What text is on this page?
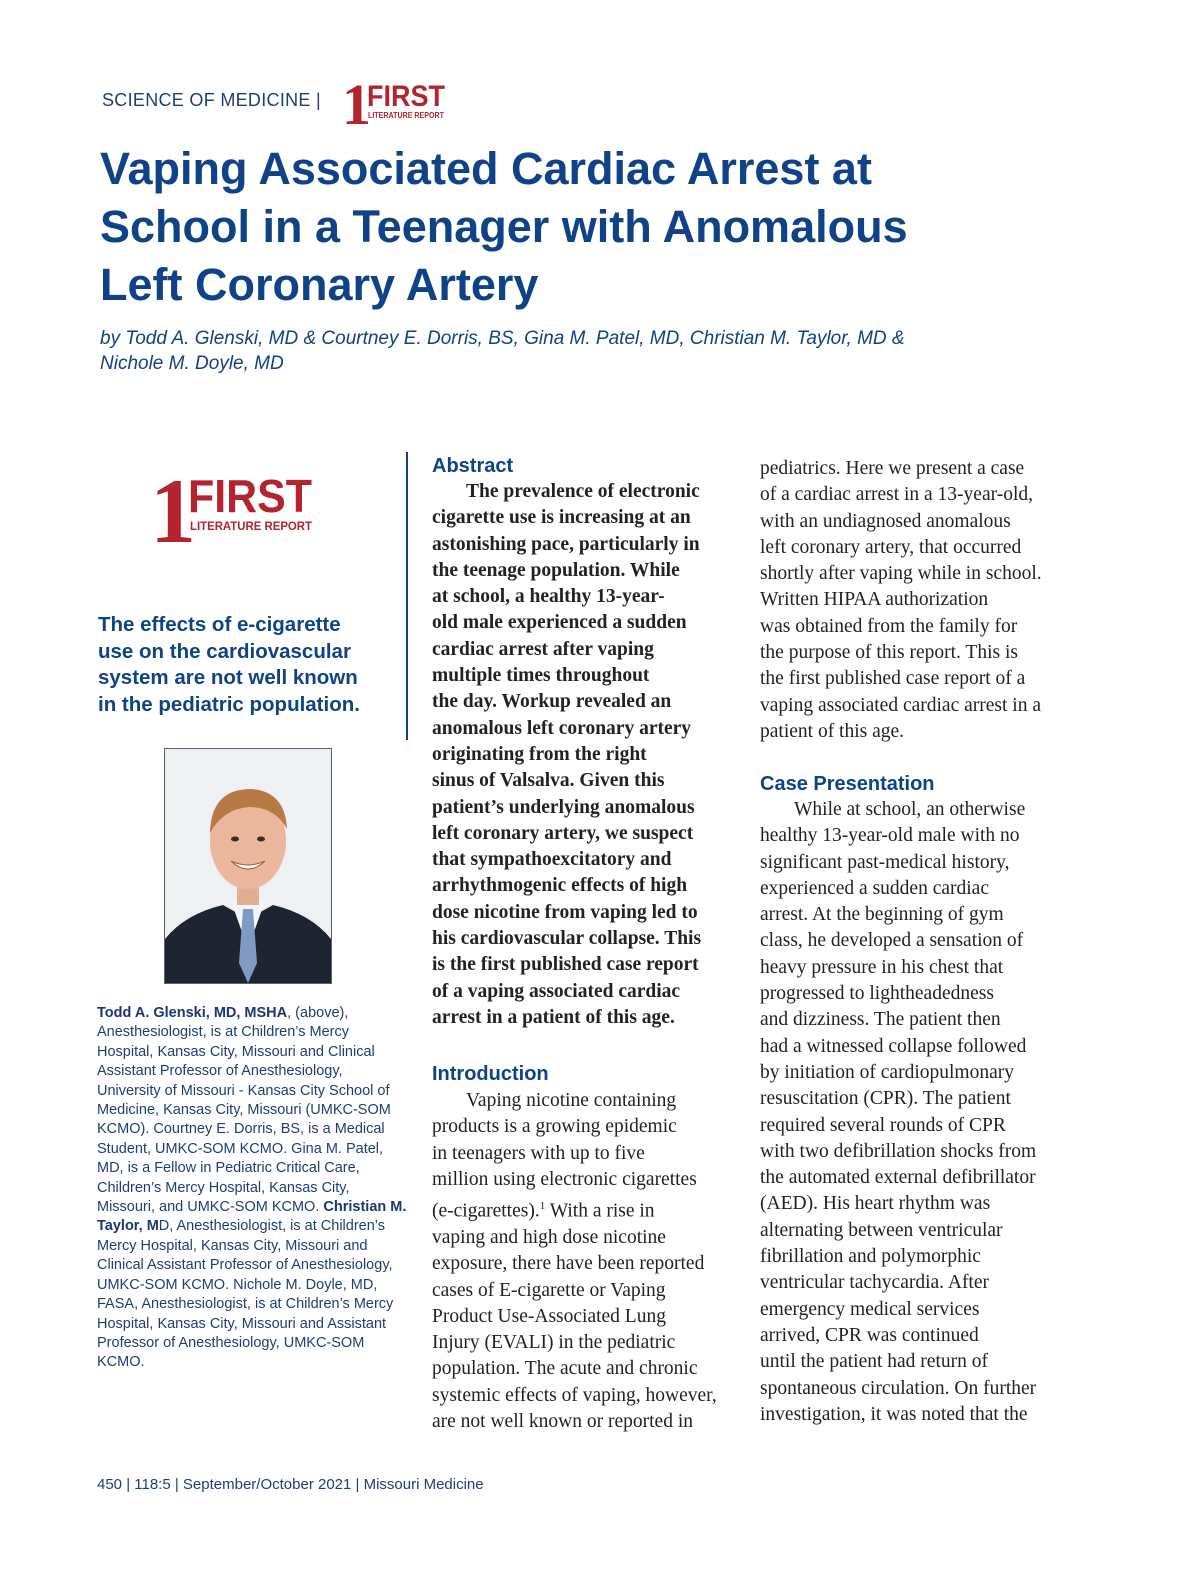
SCIENCE OF MEDICINE | 1
FIRST
LITERATURE REPORT
Vaping Associated Cardiac Arrest at
School in a Teenager with Anomalous
Left Coronary Artery
by Todd A. Glenski, MD & Courtney E. Dorris, BS, Gina M. Patel, MD, Christian M. Taylor, MD &
Nichole M. Doyle, MD
1
FIRST
LITERATURE REPORT
The effects of e-cigarette
use on the cardiovascular
system are not well known
in the pediatric population.
Todd A. Glenski, MD, MSHA, (above), Anesthesiologist, is at Children’s Mercy Hospital, Kansas City, Missouri and Clinical Assistant Professor of Anesthesiology, University of Missouri - Kansas City School of Medicine, Kansas City, Missouri (UMKC-SOM KCMO). Courtney E. Dorris, BS, is a Medical Student, UMKC-SOM KCMO. Gina M. Patel, MD, is a Fellow in Pediatric Critical Care, Children’s Mercy Hospital, Kansas City, Missouri, and UMKC-SOM KCMO. Christian M. Taylor, MD, Anesthesiologist, is at Children’s Mercy Hospital, Kansas City, Missouri and Clinical Assistant Professor of Anesthesiology, UMKC-SOM KCMO. Nichole M. Doyle, MD, FASA, Anesthesiologist, is at Children’s Mercy Hospital, Kansas City, Missouri and Assistant Professor of Anesthesiology, UMKC-SOM KCMO.
Abstract
The prevalence of electronic
cigarette use is increasing at an
astonishing pace, particularly in
the teenage population. While
at school, a healthy 13-year-
old male experienced a sudden
cardiac arrest after vaping
multiple times throughout
the day. Workup revealed an
anomalous left coronary artery
originating from the right
sinus of Valsalva. Given this
patient’s underlying anomalous
left coronary artery, we suspect
that sympathoexcitatory and
arrhythmogenic effects of high
dose nicotine from vaping led to
his cardiovascular collapse. This
is the first published case report
of a vaping associated cardiac
arrest in a patient of this age.
Introduction
Vaping nicotine containing
products is a growing epidemic
in teenagers with up to five
million using electronic cigarettes
(e-cigarettes).$^1$ With a rise in
vaping and high dose nicotine
exposure, there have been reported
cases of E-cigarette or Vaping
Product Use-Associated Lung
Injury (EVALI) in the pediatric
population. The acute and chronic
systemic effects of vaping, however,
are not well known or reported in
pediatrics. Here we present a case
of a cardiac arrest in a 13-year-old,
with an undiagnosed anomalous
left coronary artery, that occurred
shortly after vaping while in school.
Written HIPAA authorization
was obtained from the family for
the purpose of this report. This is
the first published case report of a
vaping associated cardiac arrest in a
patient of this age.
Case Presentation
While at school, an otherwise
healthy 13-year-old male with no
significant past-medical history,
experienced a sudden cardiac
arrest. At the beginning of gym
class, he developed a sensation of
heavy pressure in his chest that
progressed to lightheadedness
and dizziness. The patient then
had a witnessed collapse followed
by initiation of cardiopulmonary
resuscitation (CPR). The patient
required several rounds of CPR
with two defibrillation shocks from
the automated external defibrillator
(AED). His heart rhythm was
alternating between ventricular
fibrillation and polymorphic
ventricular tachycardia. After
emergency medical services
arrived, CPR was continued
until the patient had return of
spontaneous circulation. On further
investigation, it was noted that the
450 | 118:5 | September/October 2021 | Missouri Medicine
